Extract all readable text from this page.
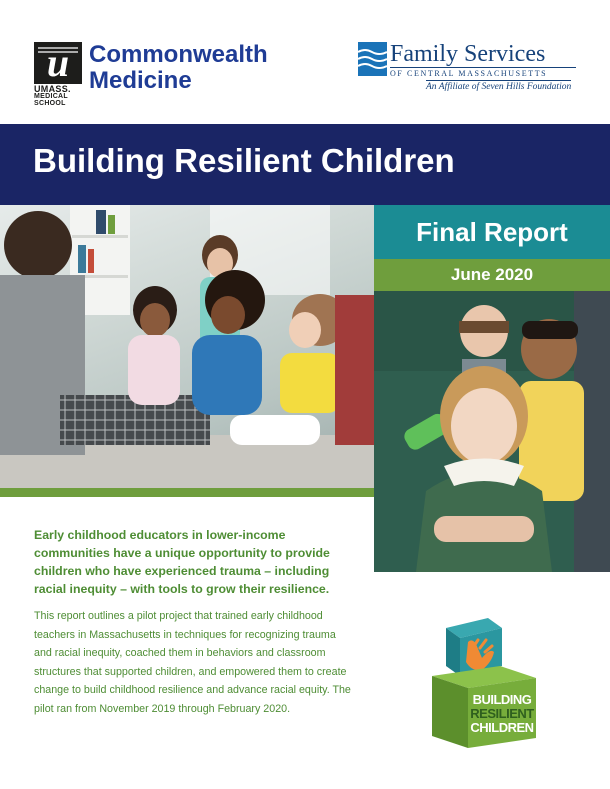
u
UMASS.
MEDICAL
SCHOOL
Commonwealth
Medicine
Family Services
OF CENTRAL MASSACHUSETTS
An Affiliate of Seven Hills Foundation
Building Resilient Children
Final Report
June 2020

Early childhood educators in lower-income communities have a unique opportunity to provide children who have experienced trauma – including racial inequity – with tools to grow their resilience.

This report outlines a pilot project that trained early childhood teachers in Massachusetts in techniques for recognizing trauma and racial inequity, coached them in behaviors and classroom structures that supported children, and empowered them to create change to build childhood resilience and advance racial equity. The pilot ran from November 2019 through February 2020.

BUILDING
RESILIENT
CHILDREN
